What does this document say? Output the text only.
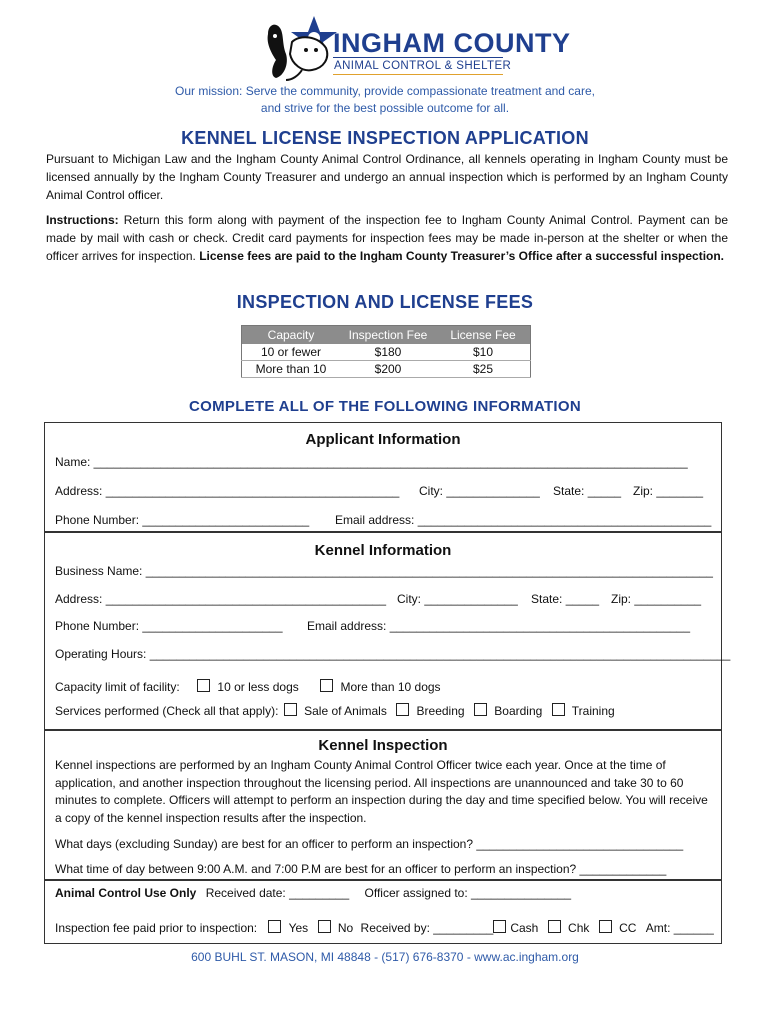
INGHAM COUNTY
ANIMAL CONTROL & SHELTER
Our mission: Serve the community, provide compassionate treatment and care,
and strive for the best possible outcome for all.
KENNEL LICENSE INSPECTION APPLICATION
Pursuant to Michigan Law and the Ingham County Animal Control Ordinance, all kennels operating in Ingham County must be licensed annually by the Ingham County Treasurer and undergo an annual inspection which is performed by an Ingham County Animal Control officer.
Instructions: Return this form along with payment of the inspection fee to Ingham County Animal Control. Payment can be made by mail with cash or check. Credit card payments for inspection fees may be made in-person at the shelter or when the officer arrives for inspection. License fees are paid to the Ingham County Treasurer’s Office after a successful inspection.
INSPECTION AND LICENSE FEES
Capacity	Inspection Fee	License Fee
10 or fewer	$180	$10
More than 10	$200	$25
COMPLETE ALL OF THE FOLLOWING INFORMATION
Applicant Information
Name: _________________________________________________________________________________________
Address: ____________________________________________ City: ______________ State: _____ Zip: _______
Phone Number: _________________________ Email address: ____________________________________________
Kennel Information
Business Name: _____________________________________________________________________________________
Address: __________________________________________ City: ______________ State: _____ Zip: __________
Phone Number: _____________________ Email address: _____________________________________________
Operating Hours: _______________________________________________________________________________________
Capacity limit of facility:	10 or less dogs	More than 10 dogs
Services performed (Check all that apply): Sale of Animals Breeding Boarding Training
Kennel Inspection
Kennel inspections are performed by an Ingham County Animal Control Officer twice each year. Once at the time of application, and another inspection throughout the licensing period. All inspections are unannounced and take 30 to 60 minutes to complete. Officers will attempt to perform an inspection during the day and time specified below. You will receive a copy of the kennel inspection results after the inspection.
What days (excluding Sunday) are best for an officer to perform an inspection? _______________________________
What time of day between 9:00 A.M. and 7:00 P.M are best for an officer to perform an inspection? _____________
Animal Control Use Only Received date: _________ Officer assigned to: _______________
Inspection fee paid prior to inspection:	Yes No Received by: _________ Cash Chk CC Amt: ______
600 BUHL ST. MASON, MI 48848 - (517) 676-8370 - www.ac.ingham.org
